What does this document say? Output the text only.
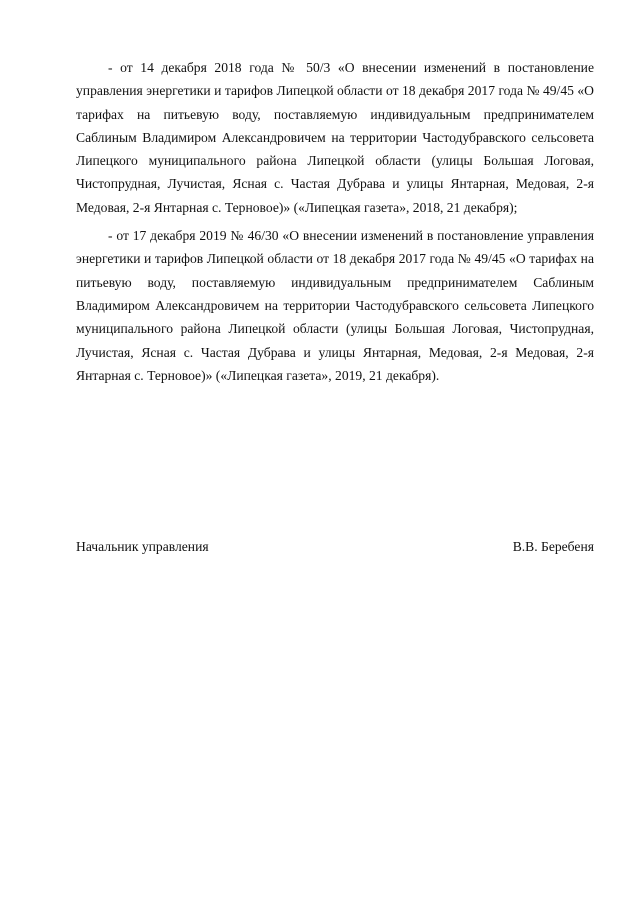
- от 14 декабря 2018 года № 50/3 «О внесении изменений в постановление управления энергетики и тарифов Липецкой области от 18 декабря 2017 года № 49/45 «О тарифах на питьевую воду, поставляемую индивидуальным предпринимателем Саблиным Владимиром Александровичем на территории Частодубравского сельсовета Липецкого муниципального района Липецкой области (улицы Большая Логовая, Чистопрудная, Лучистая, Ясная с. Частая Дубрава и улицы Янтарная, Медовая, 2-я Медовая, 2-я Янтарная с. Терновое)» («Липецкая газета», 2018, 21 декабря);

- от 17 декабря 2019 № 46/30 «О внесении изменений в постановление управления энергетики и тарифов Липецкой области от 18 декабря 2017 года № 49/45 «О тарифах на питьевую воду, поставляемую индивидуальным предпринимателем Саблиным Владимиром Александровичем на территории Частодубравского сельсовета Липецкого муниципального района Липецкой области (улицы Большая Логовая, Чистопрудная, Лучистая, Ясная с. Частая Дубрава и улицы Янтарная, Медовая, 2-я Медовая, 2-я Янтарная с. Терновое)» («Липецкая газета», 2019, 21 декабря).

Начальник управления	В.В. Беребеня
